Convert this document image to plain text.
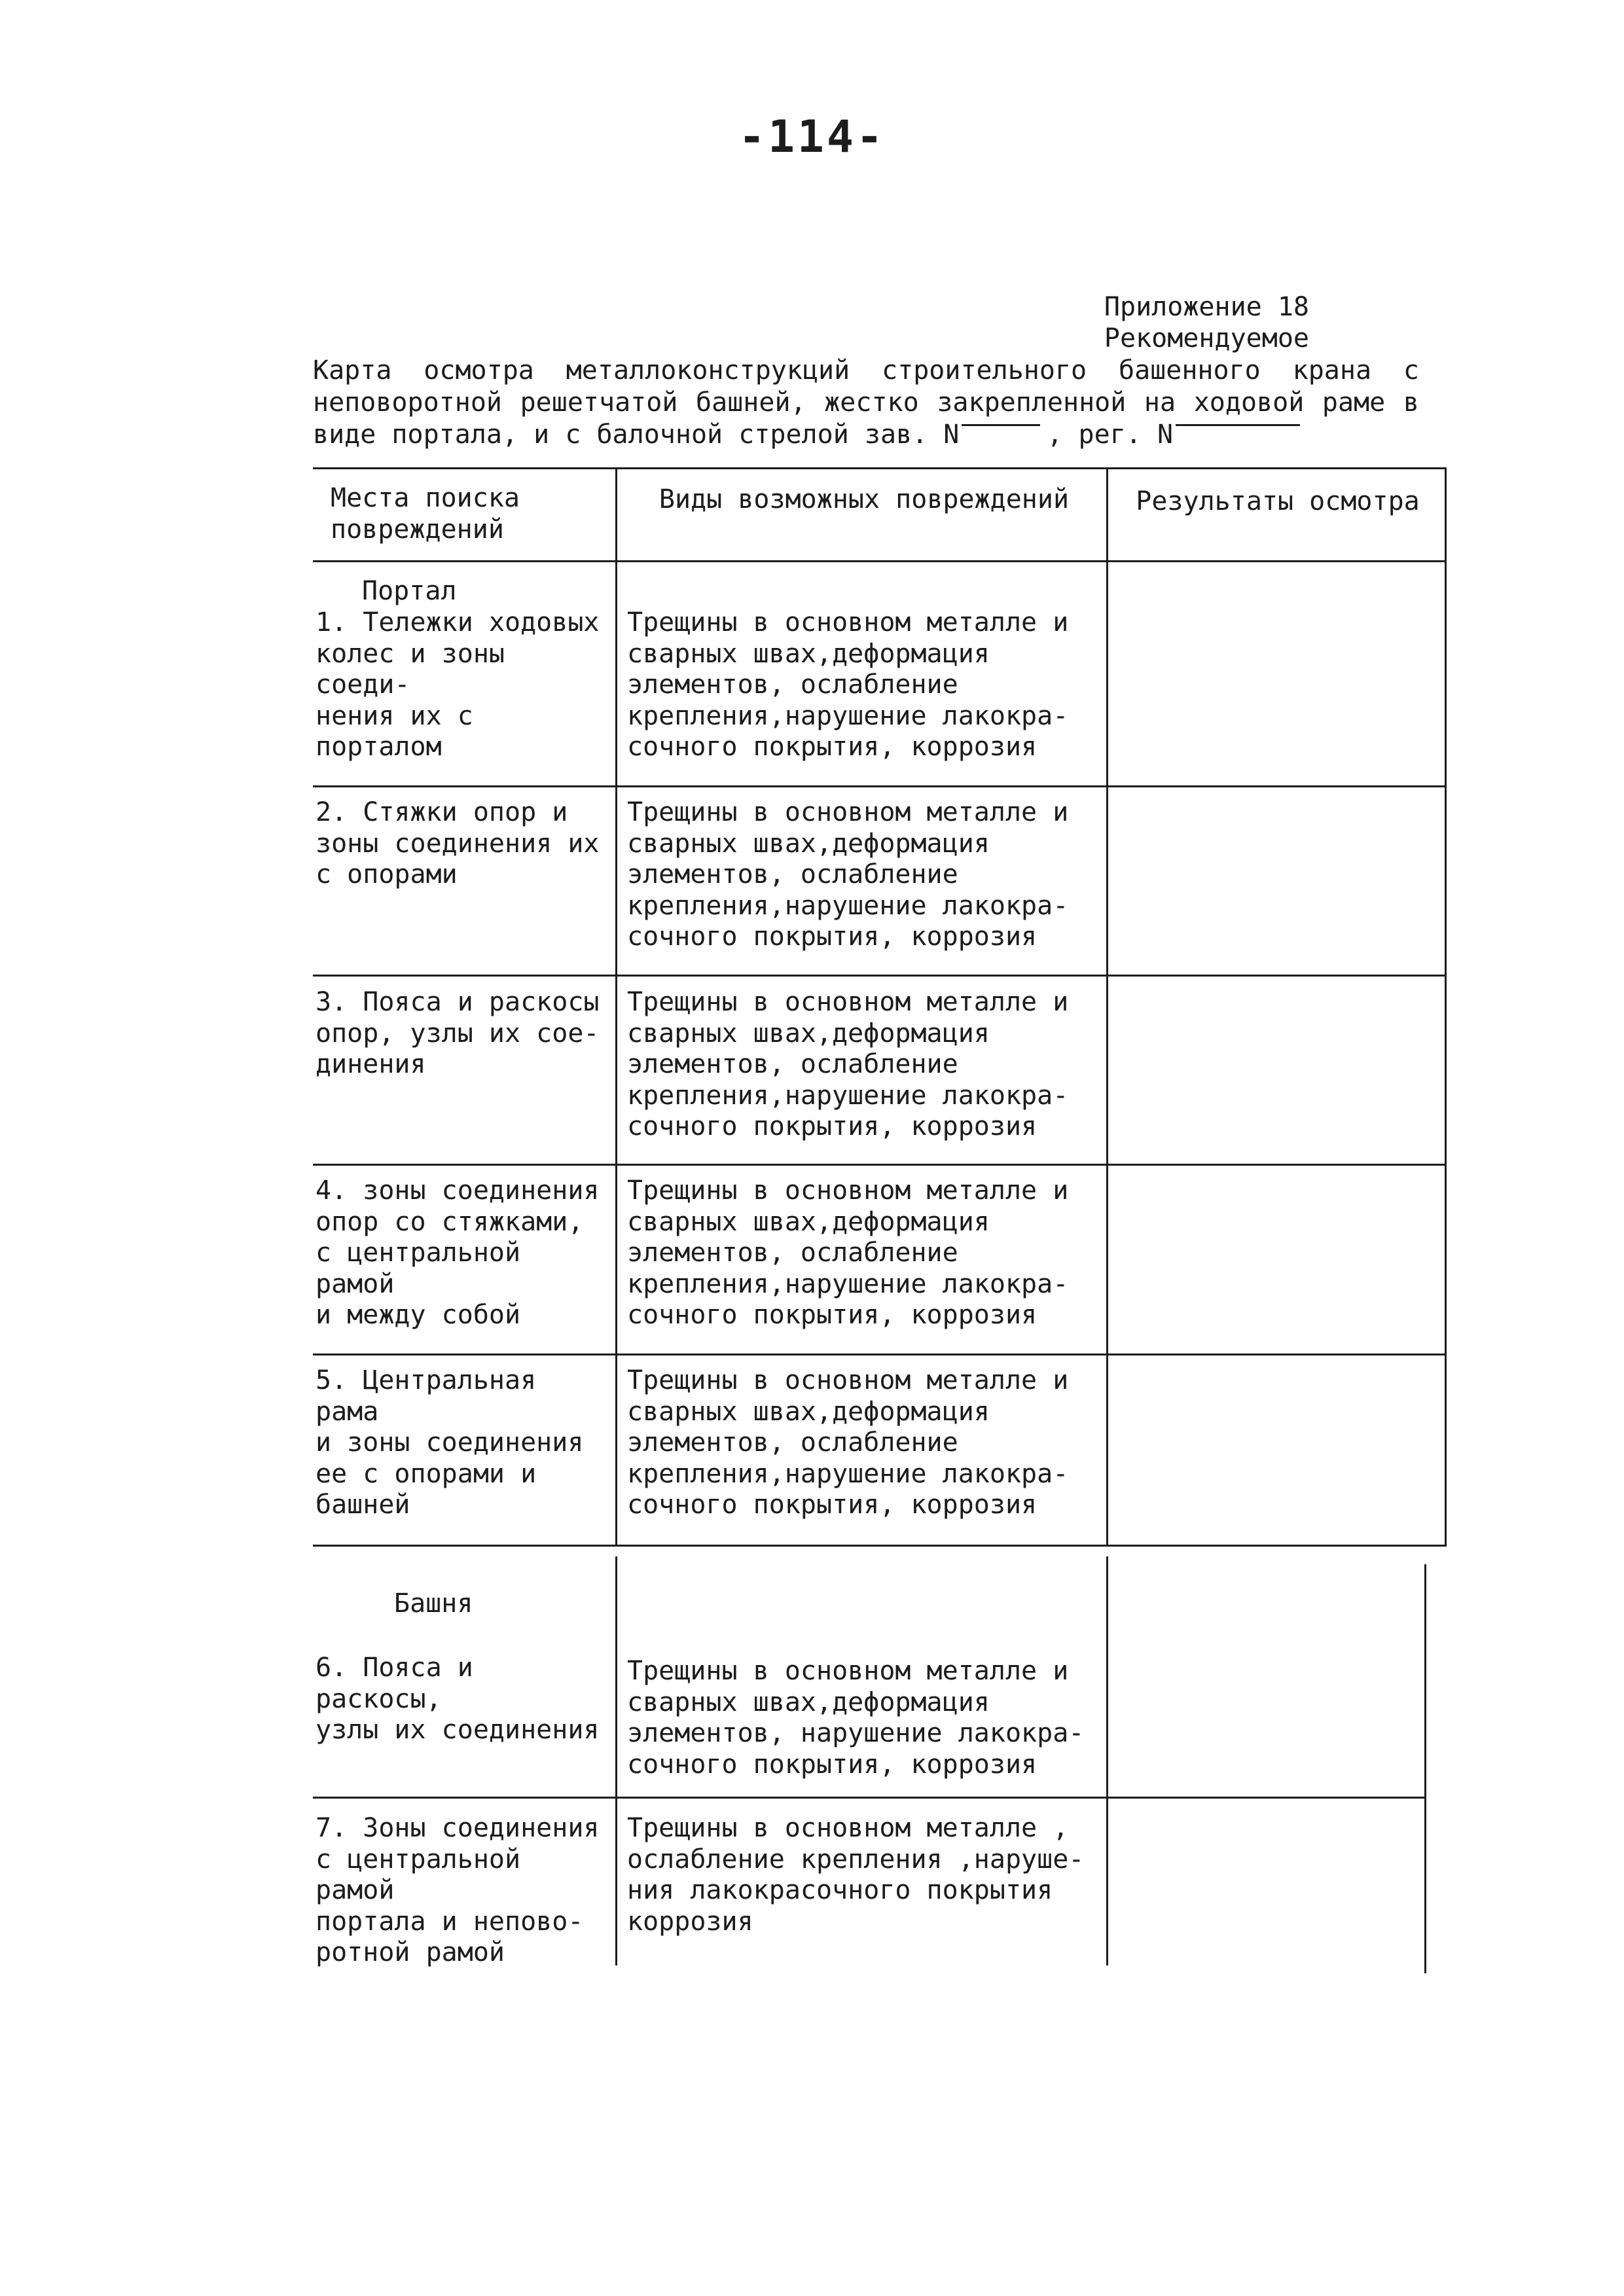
-114-
Приложение 18
Рекомендуемое
Карта осмотра металлоконструкций строительного башенного крана с
неповоротной решетчатой башней, жестко закрепленной на ходовой раме в
виде портала, и с балочной стрелой зав. N	, рег. N
Места поиска
повреждений
Виды возможных повреждений	Результаты осмотра
Портал
Башня
1. Тележки ходовых
колес и зоны соеди-
нения их с порталом
Трещины в основном металле и
сварных швах,деформация
элементов, ослабление
крепления,нарушение лакокра-
сочного покрытия, коррозия
2. Стяжки опор и
зоны соединения их
с опорами
Трещины в основном металле и
сварных швах,деформация
элементов, ослабление
крепления,нарушение лакокра-
сочного покрытия, коррозия
3. Пояса и раскосы
опор, узлы их сое-
динения
Трещины в основном металле и
сварных швах,деформация
элементов, ослабление
крепления,нарушение лакокра-
сочного покрытия, коррозия
4. зоны соединения
опор со стяжками,
с центральной рамой
и между собой
Трещины в основном металле и
сварных швах,деформация
элементов, ослабление
крепления,нарушение лакокра-
сочного покрытия, коррозия
5. Центральная рама
и зоны соединения
ее с опорами и
башней
Трещины в основном металле и
сварных швах,деформация
элементов, ослабление
крепления,нарушение лакокра-
сочного покрытия, коррозия
6. Пояса и раскосы,
узлы их соединения
Трещины в основном металле и
сварных швах,деформация
элементов, нарушение лакокра-
сочного покрытия, коррозия
7. Зоны соединения
с центральной рамой
портала и непово-
ротной рамой
Трещины в основном металле ,
ослабление крепления ,наруше-
ния лакокрасочного покрытия
коррозия
